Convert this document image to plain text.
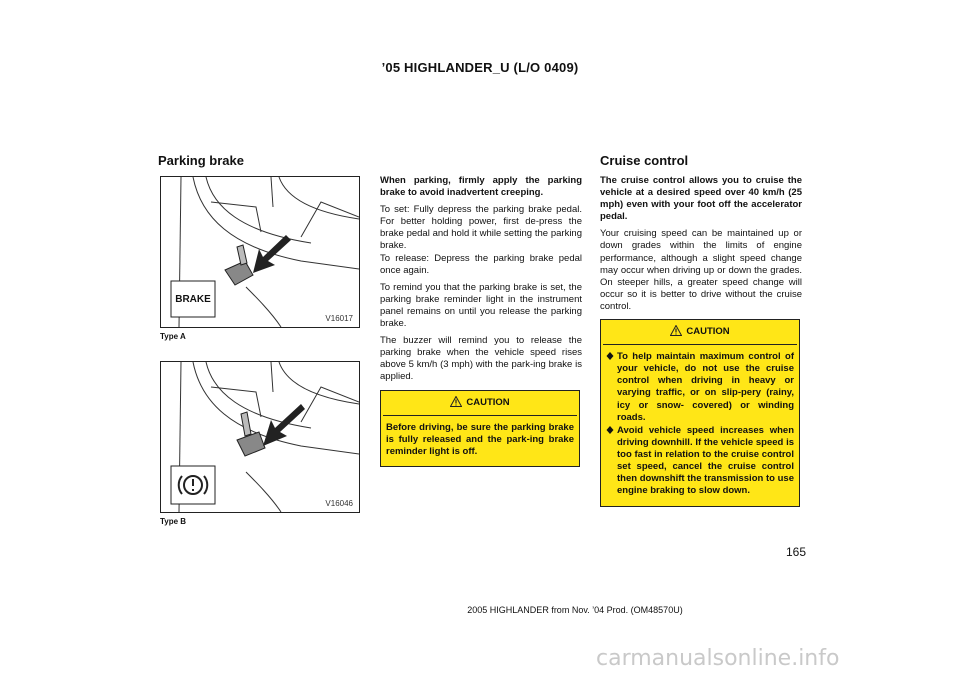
’05 HIGHLANDER_U (L/O 0409)
Parking brake	Cruise control
BRAKE
V16017
Type A
V16046
Type B

When parking, firmly apply the parking brake to avoid inadvertent creeping.

To set: Fully depress the parking brake pedal. For better holding power, first de-press the brake pedal and hold it while setting the parking brake.

To release: Depress the parking brake pedal once again.

To remind you that the parking brake is set, the parking brake reminder light in the instrument panel remains on until you release the parking brake.

The buzzer will remind you to release the parking brake when the vehicle speed rises above 5 km/h (3 mph) with the park-ing brake is applied.

CAUTION

Before driving, be sure the parking brake is fully released and the park-ing brake reminder light is off.

The cruise control allows you to cruise the vehicle at a desired speed over 40 km/h (25 mph) even with your foot off the accelerator pedal.

Your cruising speed can be maintained up or down grades within the limits of engine performance, although a slight speed change may occur when driving up or down the grades. On steeper hills, a greater speed change will occur so it is better to drive without the cruise control.

CAUTION
To help maintain maximum control of your vehicle, do not use the cruise control when driving in heavy or varying traffic, or on slip-pery (rainy, icy or snow- covered) or winding roads.
Avoid vehicle speed increases when driving downhill. If the vehicle speed is too fast in relation to the cruise control set speed, cancel the cruise control then downshift the transmission to use engine braking to slow down.
165
2005 HIGHLANDER from Nov. ’04 Prod. (OM48570U)
carmanualsonline.info
